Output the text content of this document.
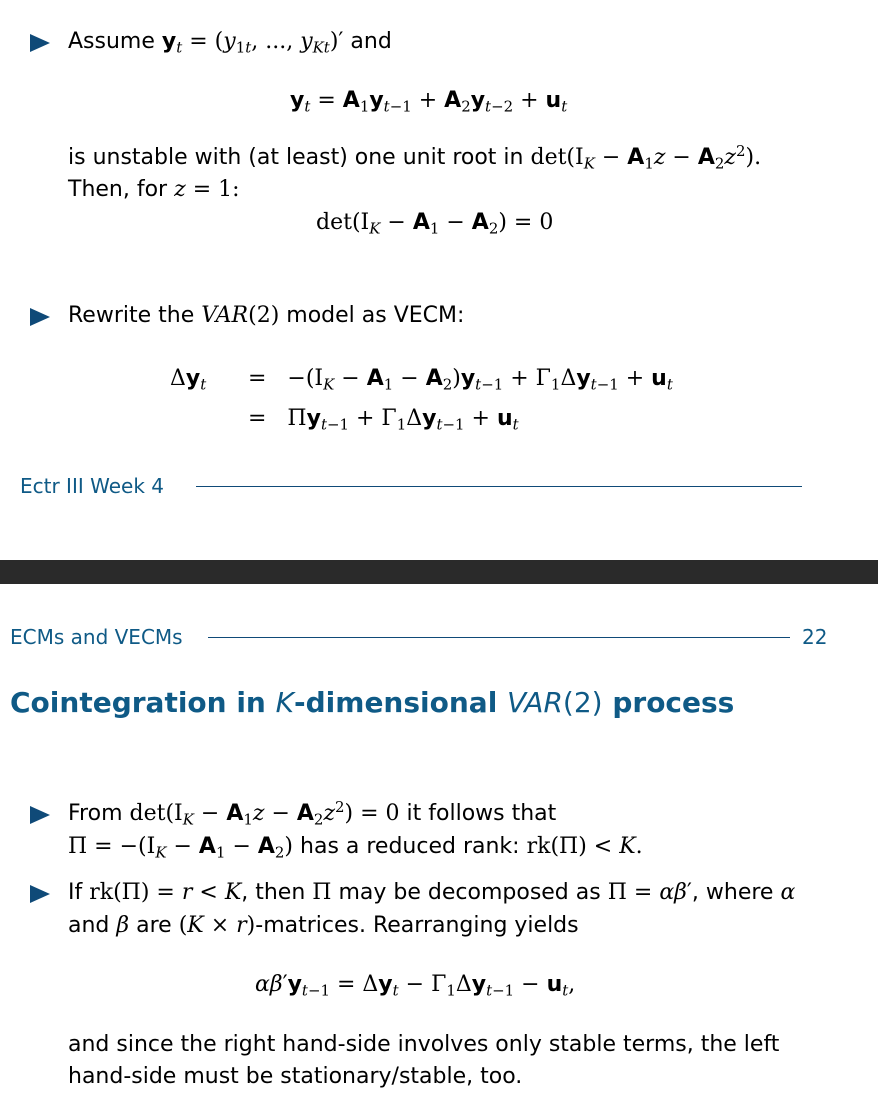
Assume $y_t = (y_{1t}$, ..., $y_{Kt})'$ and
$y_t = A_1y_{t-1} + A_2y_{t-2} + u_t$
is unstable with (at least) one unit root in $\det(I_K - A_1z - A_2z^2)$.
Then, for z = 1:
$\det(I_K - A_1 - A_2) = 0$
Rewrite the VAR(2) model as VECM:
$\Delta y_t = -(I_K - A_1 - A_2)y_{t-1} + \Gamma_1\Delta y_{t-1} + u_t$
=   $\Pi y_{t-1} + \Gamma_1\Delta y_{t-1} + u_t$
Ectr III Week 4
ECMs and VECMs	22
Cointegration in K-dimensional VAR(2) process
From $\det(I_K - A_1z - A_2z^2) = 0$ it follows that
$\Pi = -(I_K - A_1 - A_2)$ has a reduced rank: rk(Π) < K.
If rk(Π) = r < K, then Π may be decomposed as Π = αβ′, where α
and β are (K × r)-matrices. Rearranging yields
$\alpha\beta'y_{t-1} = \Delta y_t - \Gamma_1\Delta y_{t-1} - u_t$,
and since the right hand-side involves only stable terms, the left
hand-side must be stationary/stable, too.
